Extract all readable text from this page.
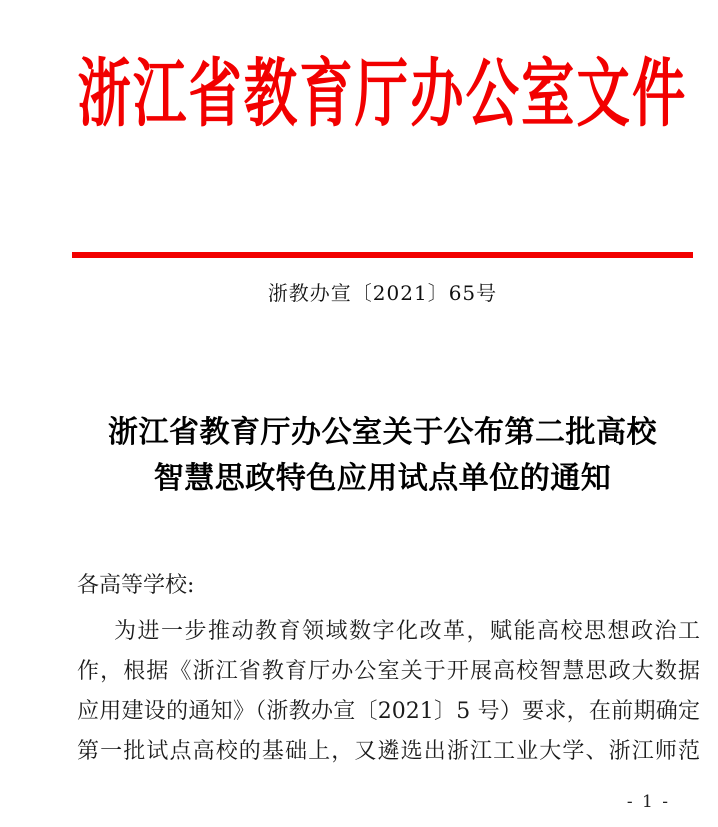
浙江省教育厅办公室文件
浙教办宣〔2021〕65号
浙江省教育厅办公室关于公布第二批高校
智慧思政特色应用试点单位的通知
各高等学校:
为进一步推动教育领域数字化改革，赋能高校思想政治工
作，根据《浙江省教育厅办公室关于开展高校智慧思政大数据
应用建设的通知》（浙教办宣〔2021〕5 号）要求，在前期确定
第一批试点高校的基础上，又遴选出浙江工业大学、浙江师范
- 1 -
